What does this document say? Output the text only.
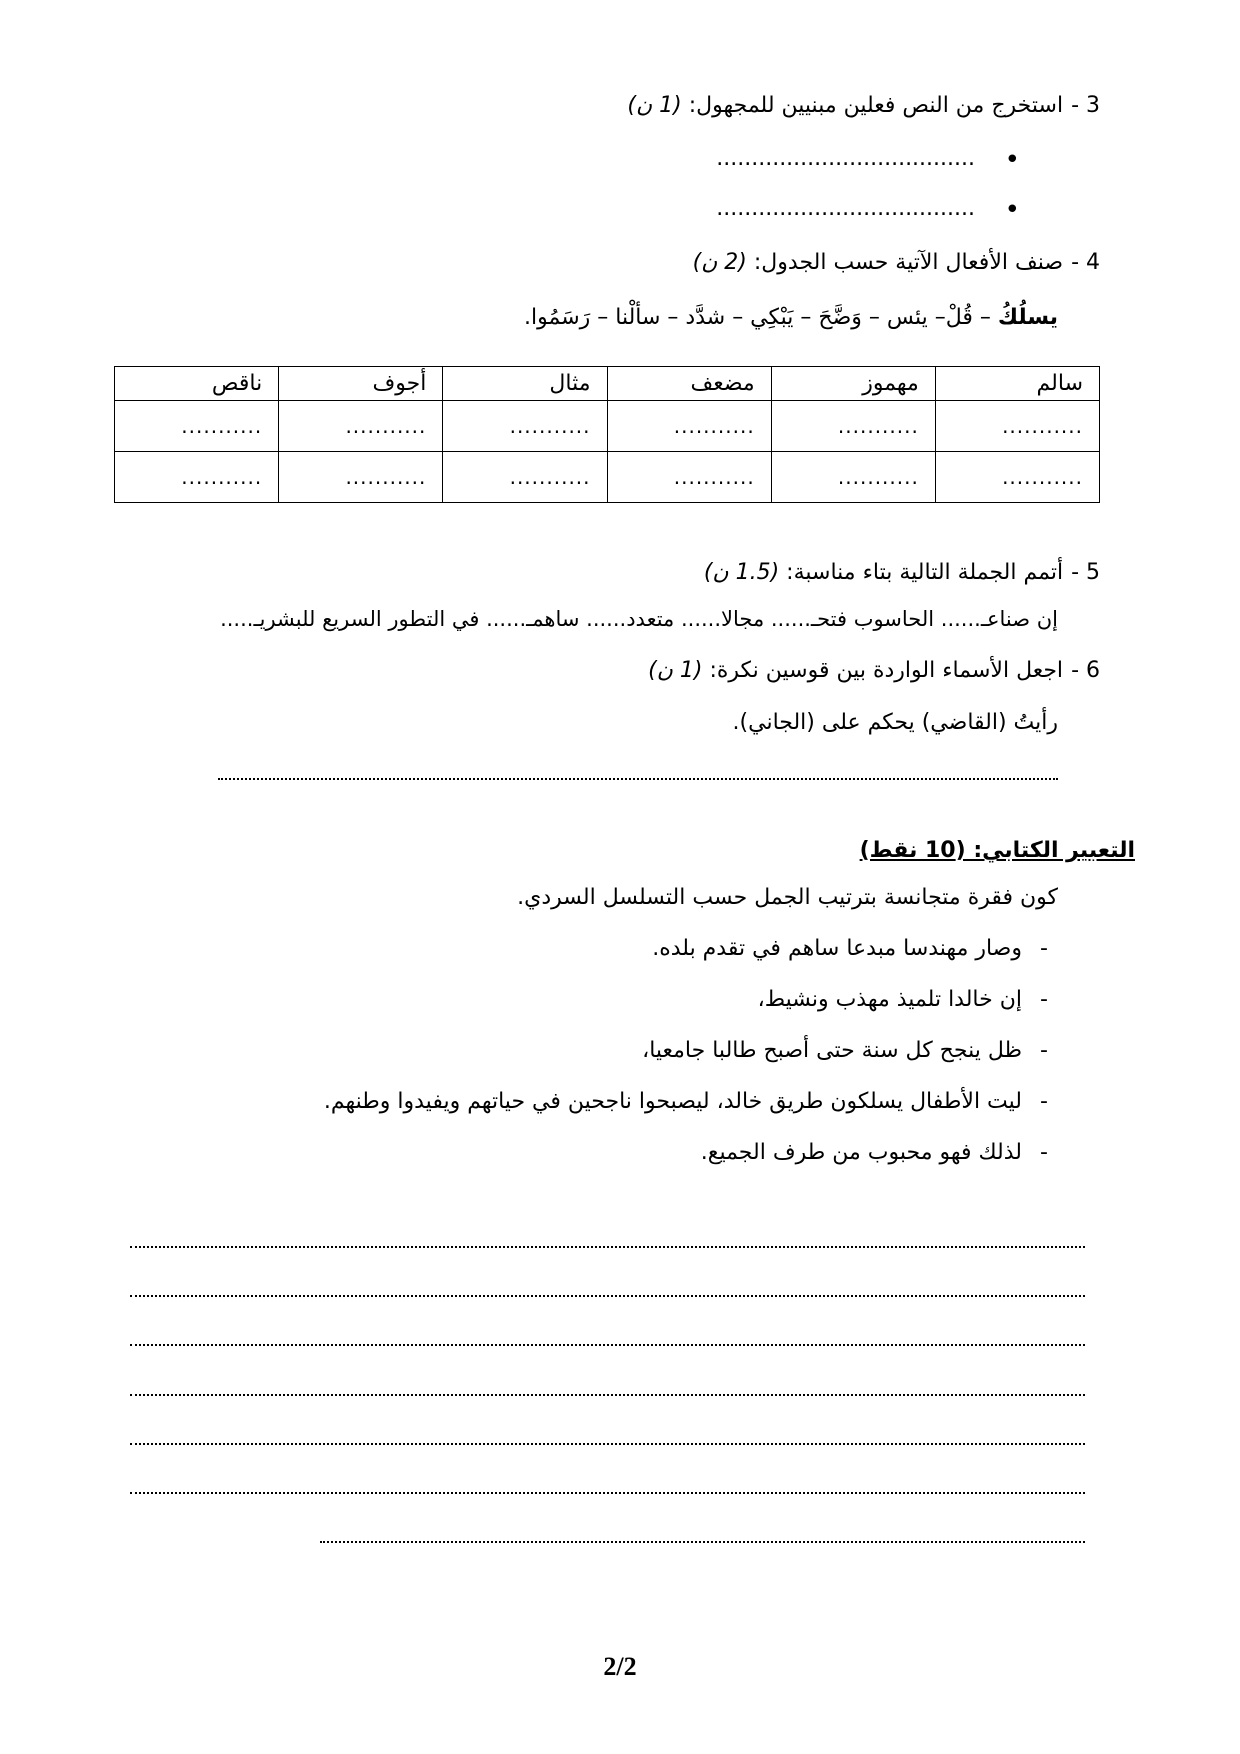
3 -استخرج من النص فعلين مبنيين للمجهول: (1 ن)
•
.....................................
•
.....................................
4 -صنف الأفعال الآتية حسب الجدول: (2 ن)
يسلُكُ – قُلْ– يئس – وَضَّحَ – يَبْكِي – شدَّد – سألْنا – رَسَمُوا.
سالم	مهموز	مضعف	مثال	أجوف	ناقص
...........	...........	...........	...........	...........	...........
...........	...........	...........	...........	...........	...........
5 -أتمم الجملة التالية بتاء مناسبة: (1.5 ن)
إن صناعـ...... الحاسوب فتحـ...... مجالا...... متعدد...... ساهمـ...... في التطور السريع للبشريـ.....
6 -اجعل الأسماء الواردة بين قوسين نكرة: (1 ن)
رأيتُ (القاضي) يحكم على (الجاني).
التعبير الكتابي: (10 نقط)
كون فقرة متجانسة بترتيب الجمل حسب التسلسل السردي.
-وصار مهندسا مبدعا ساهم في تقدم بلده.
-إن خالدا تلميذ مهذب ونشيط،
-ظل ينجح كل سنة حتى أصبح طالبا جامعيا،
-ليت الأطفال يسلكون طريق خالد، ليصبحوا ناجحين في حياتهم ويفيدوا وطنهم.
-لذلك فهو محبوب من طرف الجميع.
2/2
